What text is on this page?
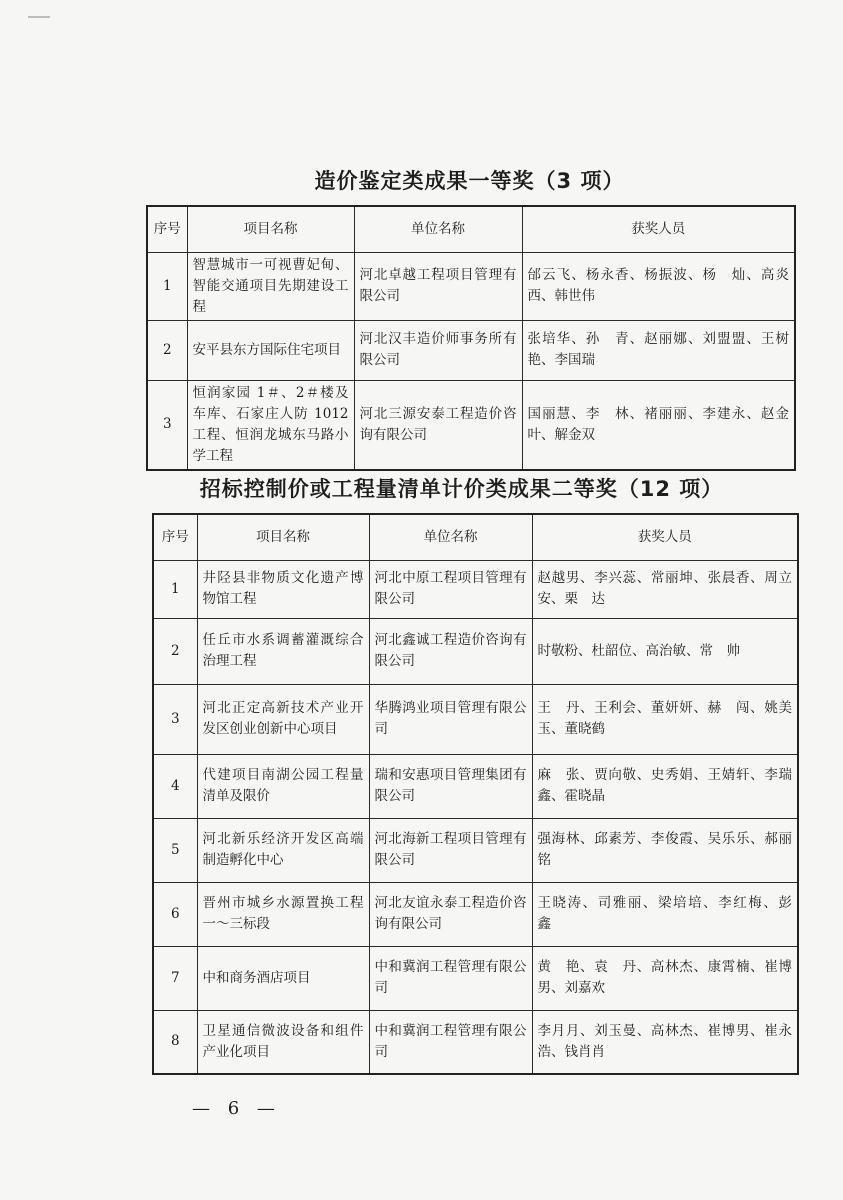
造价鉴定类成果一等奖（3 项）
序号	项目名称	单位名称	获奖人员
1	智慧城市一可视曹妃甸、智能交通项目先期建设工程	河北卓越工程项目管理有限公司	邰云飞、杨永香、杨振波、杨　灿、高炎西、韩世伟
2	安平县东方国际住宅项目	河北汉丰造价师事务所有限公司	张培华、孙　青、赵丽娜、刘盟盟、王树艳、李国瑞
3	恒润家园 1＃、2＃楼及车库、石家庄人防 1012 工程、恒润龙城东马路小学工程	河北三源安泰工程造价咨询有限公司	国丽慧、李　林、褚丽丽、李建永、赵金叶、解金双
招标控制价或工程量清单计价类成果二等奖（12 项）
序号	项目名称	单位名称	获奖人员
1	井陉县非物质文化遗产博物馆工程	河北中原工程项目管理有限公司	赵越男、李兴蕊、常丽坤、张晨香、周立安、栗　达
2	任丘市水系调蓄灌溉综合治理工程	河北鑫诚工程造价咨询有限公司	时敬粉、杜韶位、高治敏、常　帅
3	河北正定高新技术产业开发区创业创新中心项目	华腾鸿业项目管理有限公司	王　丹、王利会、董妍妍、赫　闯、姚美玉、董晓鹤
4	代建项目南湖公园工程量清单及限价	瑞和安惠项目管理集团有限公司	麻　张、贾向敬、史秀娟、王婧轩、李瑞鑫、霍晓晶
5	河北新乐经济开发区高端制造孵化中心	河北海新工程项目管理有限公司	强海林、邱素芳、李俊霞、吴乐乐、郝丽铭
6	晋州市城乡水源置换工程一～三标段	河北友谊永泰工程造价咨询有限公司	王晓涛、司雅丽、梁培培、李红梅、彭　鑫
7	中和商务酒店项目	中和冀润工程管理有限公司	黄　艳、袁　丹、高林杰、康霄楠、崔博男、刘嘉欢
8	卫星通信微波设备和组件产业化项目	中和冀润工程管理有限公司	李月月、刘玉曼、高林杰、崔博男、崔永浩、钱肖肖
— 6 —
